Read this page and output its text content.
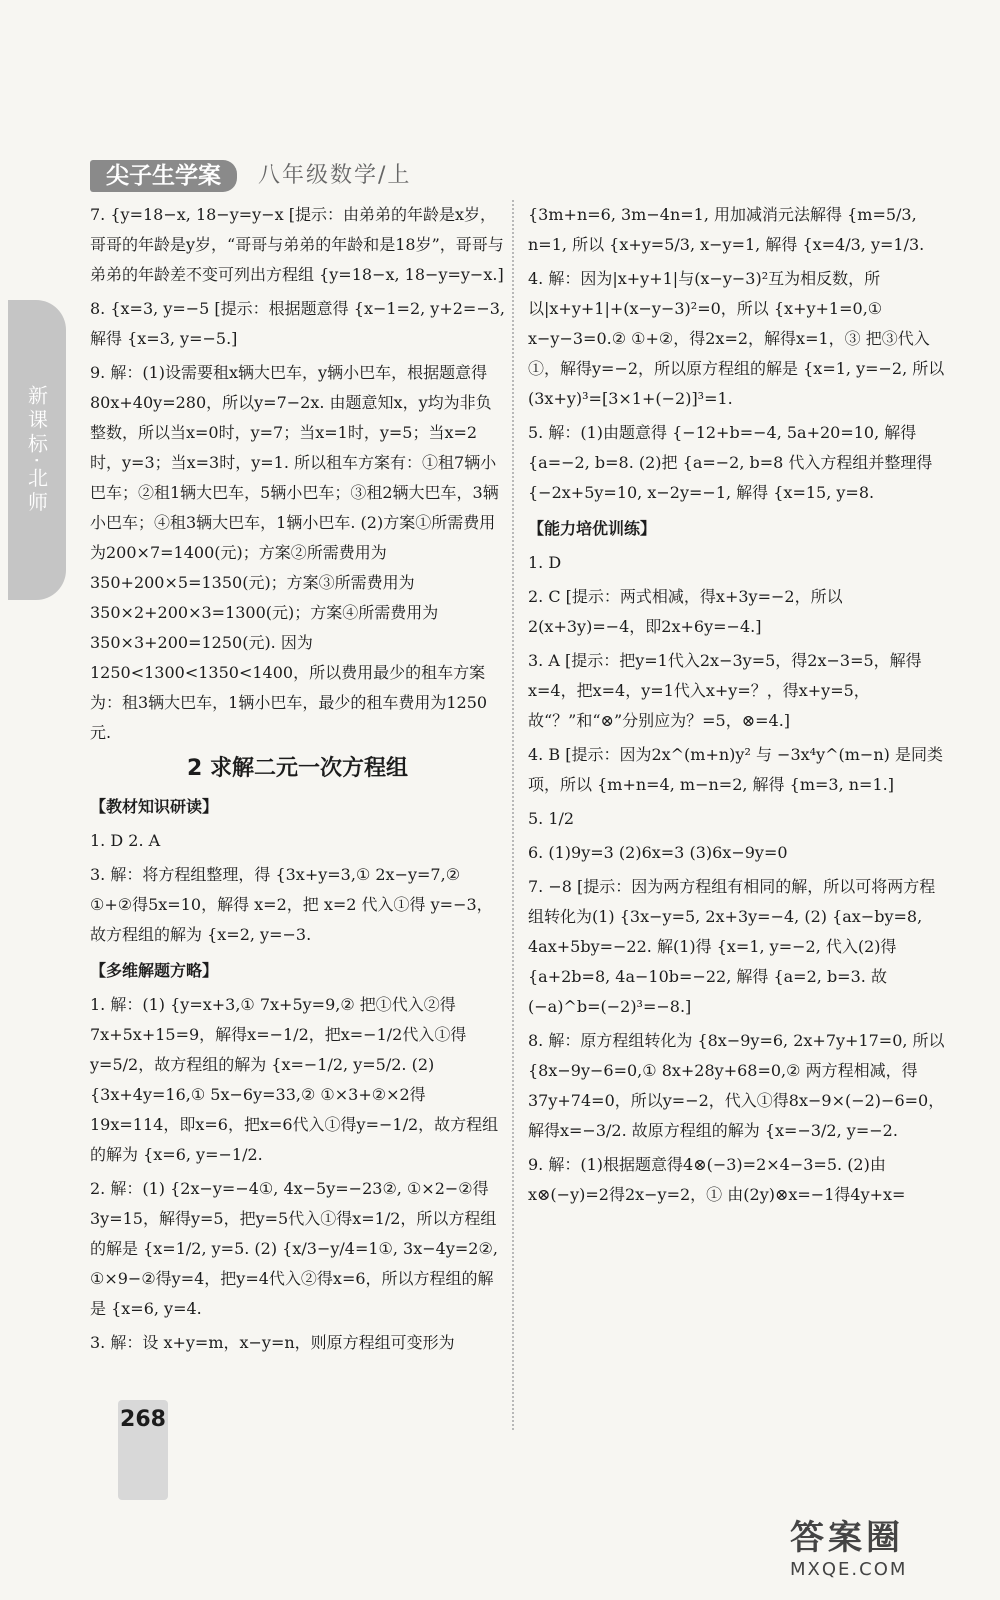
尖子生学案	八年级数学/上
新课标·北师
7. {y=18−x, 18−y=y−x [提示：由弟弟的年龄是x岁，哥哥的年龄是y岁，“哥哥与弟弟的年龄和是18岁”，哥哥与弟弟的年龄差不变可列出方程组 {y=18−x, 18−y=y−x.]
8. {x=3, y=−5 [提示：根据题意得 {x−1=2, y+2=−3, 解得 {x=3, y=−5.]
9. 解：(1)设需要租x辆大巴车，y辆小巴车，根据题意得80x+40y=280，所以y=7−2x. 由题意知x，y均为非负整数，所以当x=0时，y=7；当x=1时，y=5；当x=2时，y=3；当x=3时，y=1. 所以租车方案有：①租7辆小巴车；②租1辆大巴车，5辆小巴车；③租2辆大巴车，3辆小巴车；④租3辆大巴车，1辆小巴车. (2)方案①所需费用为200×7=1400(元)；方案②所需费用为350+200×5=1350(元)；方案③所需费用为350×2+200×3=1300(元)；方案④所需费用为350×3+200=1250(元). 因为1250<1300<1350<1400，所以费用最少的租车方案为：租3辆大巴车，1辆小巴车，最少的租车费用为1250元.
2 求解二元一次方程组
【教材知识研读】
1. D 2. A
3. 解：将方程组整理，得 {3x+y=3,① 2x−y=7,② ①+②得5x=10，解得 x=2，把 x=2 代入①得 y=−3，故方程组的解为 {x=2, y=−3.
【多维解题方略】
1. 解：(1) {y=x+3,① 7x+5y=9,② 把①代入②得7x+5x+15=9，解得x=−1/2，把x=−1/2代入①得y=5/2，故方程组的解为 {x=−1/2, y=5/2. (2) {3x+4y=16,① 5x−6y=33,② ①×3+②×2得19x=114，即x=6，把x=6代入①得y=−1/2，故方程组的解为 {x=6, y=−1/2.
2. 解：(1) {2x−y=−4①, 4x−5y=−23②, ①×2−②得3y=15，解得y=5，把y=5代入①得x=1/2，所以方程组的解是 {x=1/2, y=5. (2) {x/3−y/4=1①, 3x−4y=2②, ①×9−②得y=4，把y=4代入②得x=6，所以方程组的解是 {x=6, y=4.
3. 解：设 x+y=m，x−y=n，则原方程组可变形为
{3m+n=6, 3m−4n=1, 用加减消元法解得 {m=5/3, n=1, 所以 {x+y=5/3, x−y=1, 解得 {x=4/3, y=1/3.
4. 解：因为|x+y+1|与(x−y−3)²互为相反数，所以|x+y+1|+(x−y−3)²=0，所以 {x+y+1=0,① x−y−3=0.② ①+②，得2x=2，解得x=1，③ 把③代入①，解得y=−2，所以原方程组的解是 {x=1, y=−2, 所以(3x+y)³=[3×1+(−2)]³=1.
5. 解：(1)由题意得 {−12+b=−4, 5a+20=10, 解得 {a=−2, b=8. (2)把 {a=−2, b=8 代入方程组并整理得 {−2x+5y=10, x−2y=−1, 解得 {x=15, y=8.
【能力培优训练】
1. D
2. C [提示：两式相减，得x+3y=−2，所以2(x+3y)=−4，即2x+6y=−4.]
3. A [提示：把y=1代入2x−3y=5，得2x−3=5，解得x=4，把x=4，y=1代入x+y=？，得x+y=5，故“？”和“⊗”分别应为？=5，⊗=4.]
4. B [提示：因为2x^(m+n)y² 与 −3x⁴y^(m−n) 是同类项，所以 {m+n=4, m−n=2, 解得 {m=3, n=1.]
5. 1/2
6. (1)9y=3 (2)6x=3 (3)6x−9y=0
7. −8 [提示：因为两方程组有相同的解，所以可将两方程组转化为(1) {3x−y=5, 2x+3y=−4, (2) {ax−by=8, 4ax+5by=−22. 解(1)得 {x=1, y=−2, 代入(2)得 {a+2b=8, 4a−10b=−22, 解得 {a=2, b=3. 故(−a)^b=(−2)³=−8.]
8. 解：原方程组转化为 {8x−9y=6, 2x+7y+17=0, 所以 {8x−9y−6=0,① 8x+28y+68=0,② 两方程相减，得37y+74=0，所以y=−2，代入①得8x−9×(−2)−6=0，解得x=−3/2. 故原方程组的解为 {x=−3/2, y=−2.
9. 解：(1)根据题意得4⊗(−3)=2×4−3=5. (2)由x⊗(−y)=2得2x−y=2，① 由(2y)⊗x=−1得4y+x=
268
答案圈
MXQE.COM
